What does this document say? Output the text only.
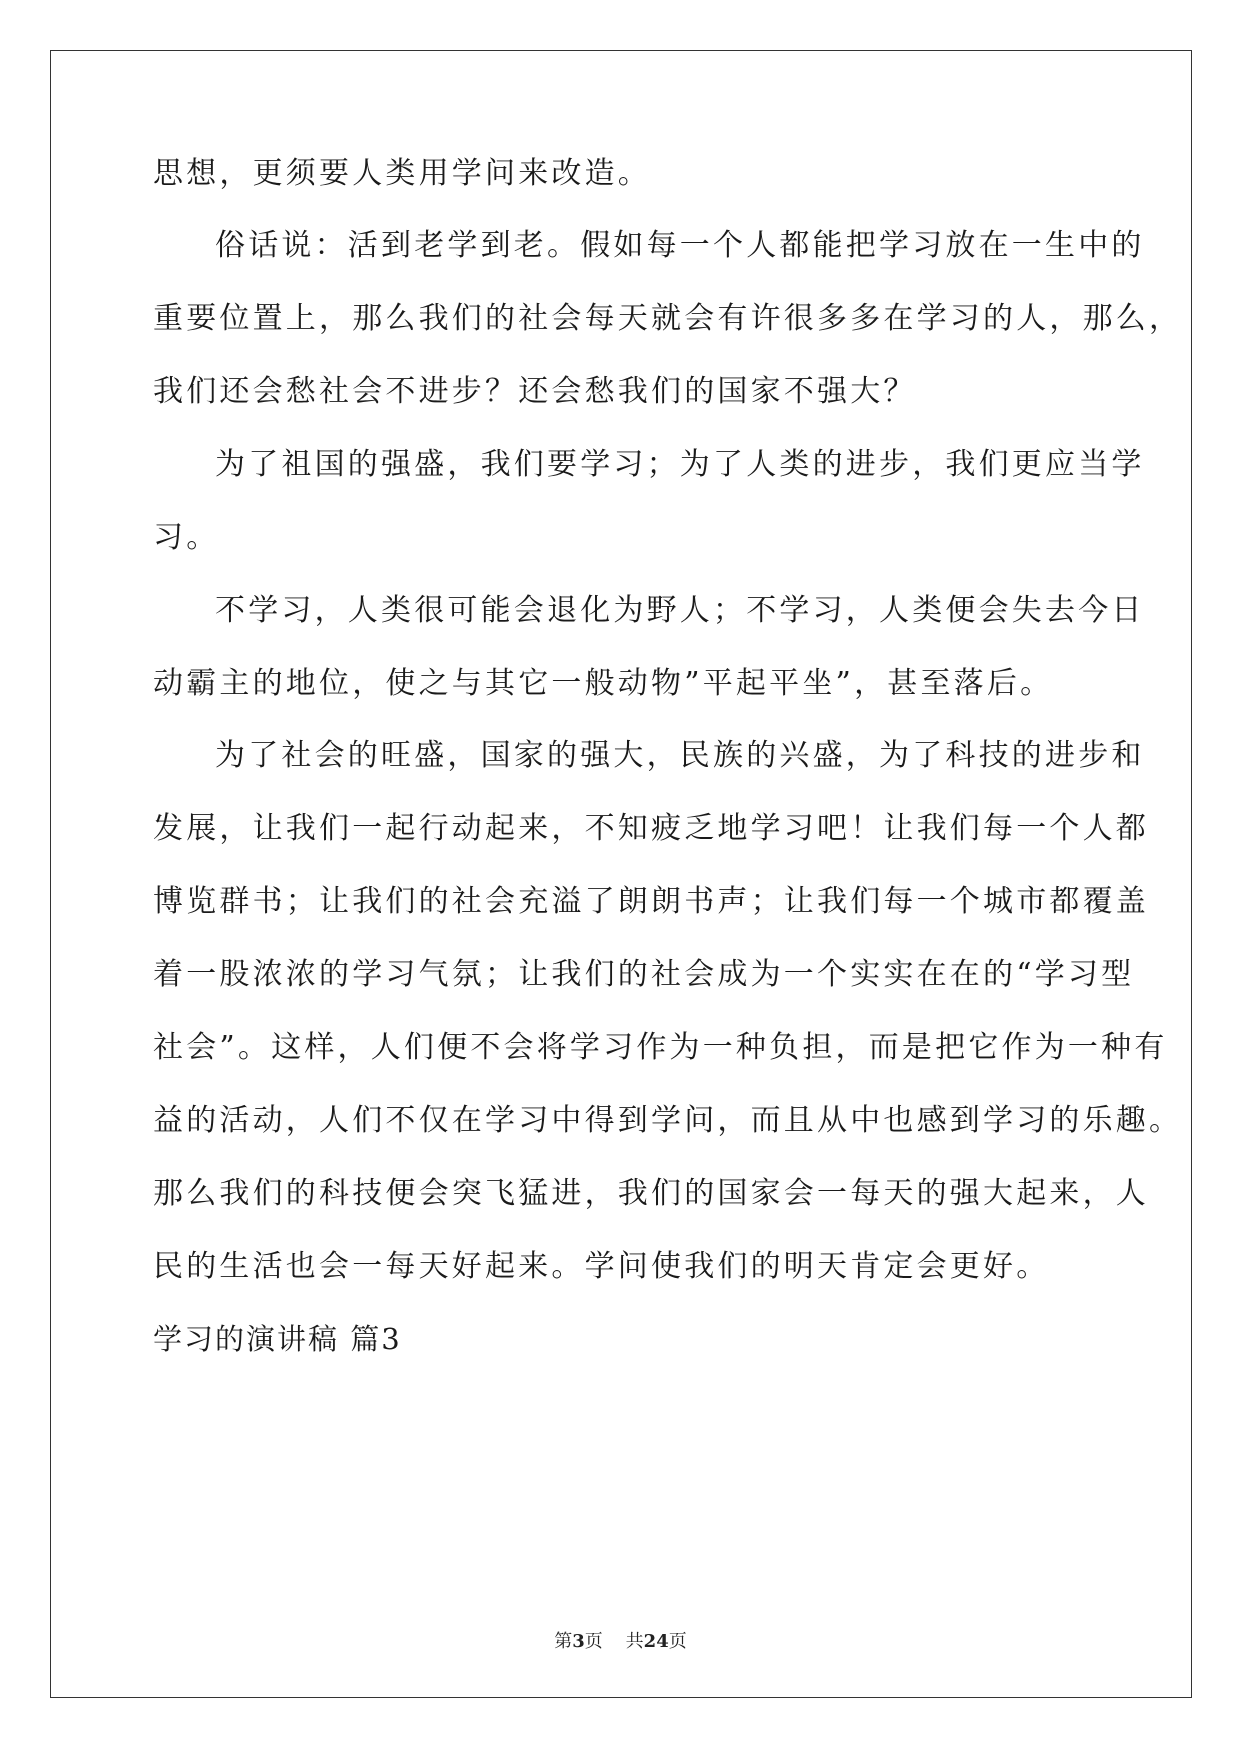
思想，更须要人类用学问来改造。
俗话说：活到老学到老。假如每一个人都能把学习放在一生中的
重要位置上，那么我们的社会每天就会有许很多多在学习的人，那么，
我们还会愁社会不进步？还会愁我们的国家不强大？
为了祖国的强盛，我们要学习；为了人类的进步，我们更应当学
习。
不学习，人类很可能会退化为野人；不学习，人类便会失去今日
动霸主的地位，使之与其它一般动物”平起平坐”，甚至落后。
为了社会的旺盛，国家的强大，民族的兴盛，为了科技的进步和
发展，让我们一起行动起来，不知疲乏地学习吧！让我们每一个人都
博览群书；让我们的社会充溢了朗朗书声；让我们每一个城市都覆盖
着一股浓浓的学习气氛；让我们的社会成为一个实实在在的“学习型
社会”。这样，人们便不会将学习作为一种负担，而是把它作为一种有
益的活动，人们不仅在学习中得到学问，而且从中也感到学习的乐趣。
那么我们的科技便会突飞猛进，我们的国家会一每天的强大起来，人
民的生活也会一每天好起来。学问使我们的明天肯定会更好。
学习的演讲稿 篇3
第3页 共24页
